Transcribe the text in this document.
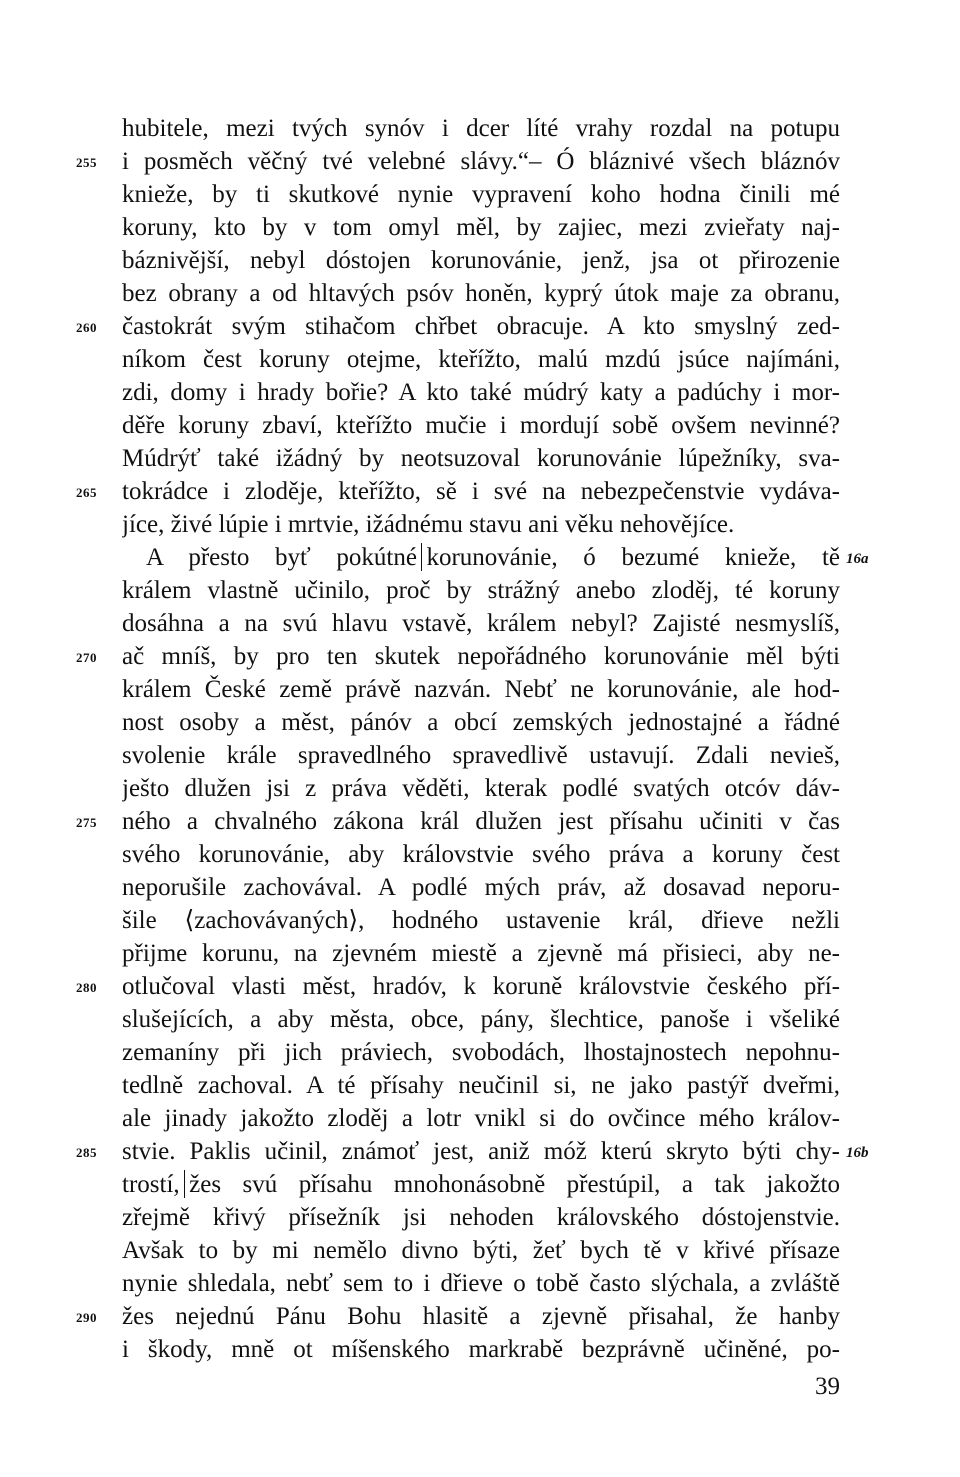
hubitele, mezi tvých synóv i dcer líté vrahy rozdal na potupu
i posměch věčný tvé velebné slávy.“– Ó bláznivé všech bláznóv
knieže, by ti skutkové nynie vypravení koho hodna činili mé
koruny, kto by v tom omyl měl, by zajiec, mezi zvieřaty naj-
báznivější, nebyl dóstojen korunovánie, jenž, jsa ot přirozenie
bez obrany a od hltavých psóv honěn, kyprý útok maje za obranu,
častokrát svým stihačom chřbet obracuje. A kto smyslný zed-
níkom čest koruny otejme, kteřížto, malú mzdú jsúce najímáni,
zdi, domy i hrady bořie? A kto také múdrý katy a padúchy i mor-
děře koruny zbaví, kteřížto mučie i mordují sobě ovšem nevinné?
Múdrýť také ižádný by neotsuzoval korunovánie lúpežníky, sva-
tokrádce i zloděje, kteřížto, sě i své na nebezpečenstvie vydáva-
jíce, živé lúpie i mrtvie, ižádnému stavu ani věku nehovějíce.
A přesto byť pokútné korunovánie, ó bezumé knieže, tě
králem vlastně učinilo, proč by strážný anebo zloděj, té koruny
dosáhna a na svú hlavu vstavě, králem nebyl? Zajisté nesmyslíš,
ač mníš, by pro ten skutek nepořádného korunovánie měl býti
králem České země právě nazván. Nebť ne korunovánie, ale hod-
nost osoby a měst, pánóv a obcí zemských jednostajné a řádné
svolenie krále spravedlného spravedlivě ustavují. Zdali nevieš,
ješto dlužen jsi z práva věděti, kterak podlé svatých otcóv dáv-
ného a chvalného zákona král dlužen jest přísahu učiniti v čas
svého korunovánie, aby královstvie svého práva a koruny čest
neporušile zachovával. A podlé mých práv, až dosavad neporu-
šile ⟨zachovávaných⟩, hodného ustavenie král, dřieve nežli
přijme korunu, na zjevném miestě a zjevně má přisieci, aby ne-
otlučoval vlasti měst, hradóv, k koruně královstvie českého pří-
slušejících, a aby města, obce, pány, šlechtice, panoše i všeliké
zemaníny při jich práviech, svobodách, lhostajnostech nepohnu-
tedlně zachoval. A té přísahy neučinil si, ne jako pastýř dveřmi,
ale jinady jakožto zloděj a lotr vnikl si do ovčince mého králov-
stvie. Paklis učinil, známoť jest, aniž móž kterú skryto býti chy-
trostí, žes svú přísahu mnohonásobně přestúpil, a tak jakožto
zřejmě křivý přísežník jsi nehoden královského dóstojenstvie.
Avšak to by mi nemělo divno býti, žeť bych tě v křivé přísaze
nynie shledala, nebť sem to i dřieve o tobě často slýchala, a zvláště
žes nejednú Pánu Bohu hlasitě a zjevně přisahal, že hanby
i škody, mně ot míšenského markrabě bezprávně učiněné, po-
255
260
265
270
275
280
285
290
16a
16b
39
